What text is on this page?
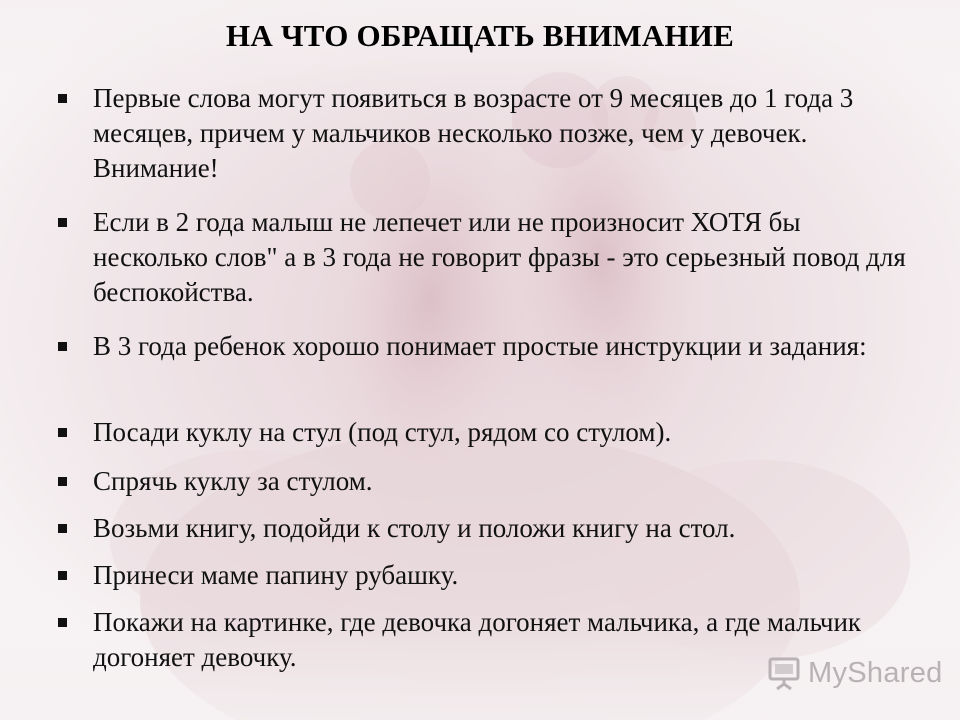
НА ЧТО ОБРАЩАТЬ ВНИМАНИЕ
Первые слова могут появиться в возрасте от 9 месяцев до 1 года 3 месяцев, причем у мальчиков несколько позже, чем у девочек. Внимание!
Если в 2 года малыш не лепечет или не произносит ХОТЯ бы несколько слов" а в 3 года не говорит фразы - это серьезный повод для беспокойства.
В 3 года ребенок хорошо понимает простые инструкции и задания:
Посади куклу на стул (под стул, рядом со стулом).
Спрячь куклу за стулом.
Возьми книгу, подойди к столу и положи книгу на стол.
Принеси маме папину рубашку.
Покажи на картинке, где девочка догоняет мальчика, а где мальчик догоняет девочку.	MyShared
